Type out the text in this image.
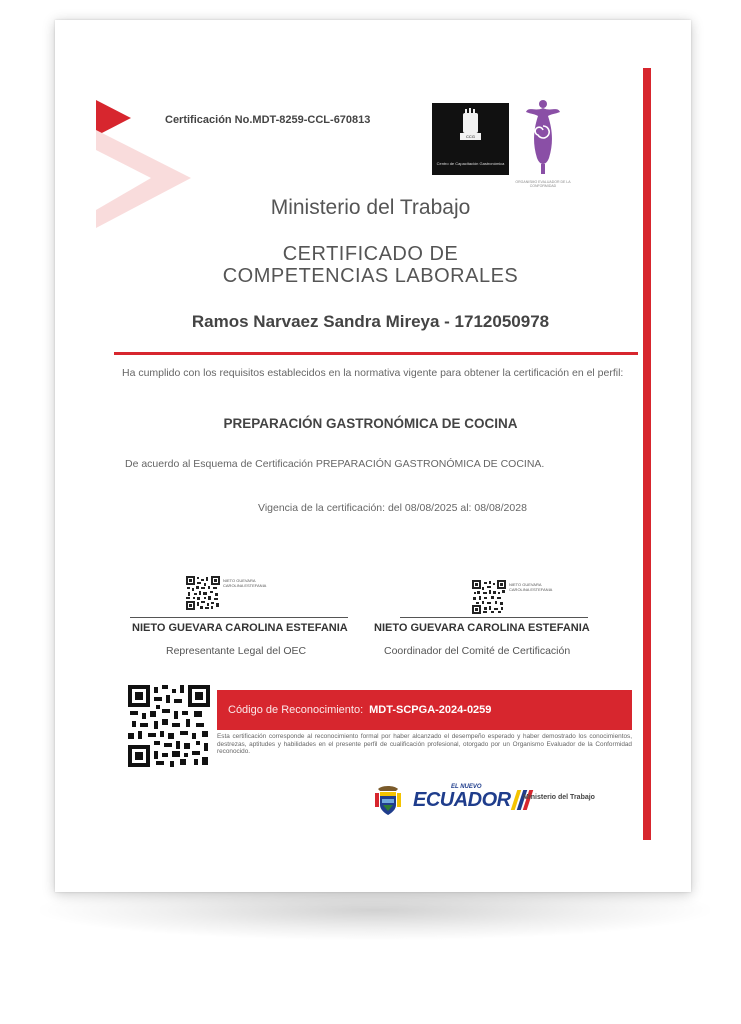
Certificación No.MDT-8259-CCL-670813
CCG
Centro de Capacitación Gastronómica
ORGANISMO EVALUADOR DE LA CONFORMIDAD
Ministerio del Trabajo
CERTIFICADO DE
COMPETENCIAS LABORALES
Ramos Narvaez Sandra Mireya - 1712050978
Ha cumplido con los requisitos establecidos en la normativa vigente para obtener la certificación en el perfil:
PREPARACIÓN GASTRONÓMICA DE COCINA
De acuerdo al Esquema de Certificación PREPARACIÓN GASTRONÓMICA DE COCINA.
Vigencia de la certificación: del 08/08/2025 al: 08/08/2028
NIETO GUEVARA CAROLINA ESTEFANIA
NIETO GUEVARA CAROLINA ESTEFANIA
Representante Legal del OEC
NIETO GUEVARA CAROLINA ESTEFANIA
NIETO GUEVARA CAROLINA ESTEFANIA
Coordinador del Comité de Certificación
Código de Reconocimiento: MDT-SCPGA-2024-0259
Esta certificación corresponde al reconocimiento formal por haber alcanzado el desempeño esperado y haber demostrado los conocimientos, destrezas, aptitudes y habilidades en el presente perfil de cualificación profesional, otorgado por un Organismo Evaluador de la Conformidad reconocido.
EL NUEVO
ECUADOR Ministerio del Trabajo
